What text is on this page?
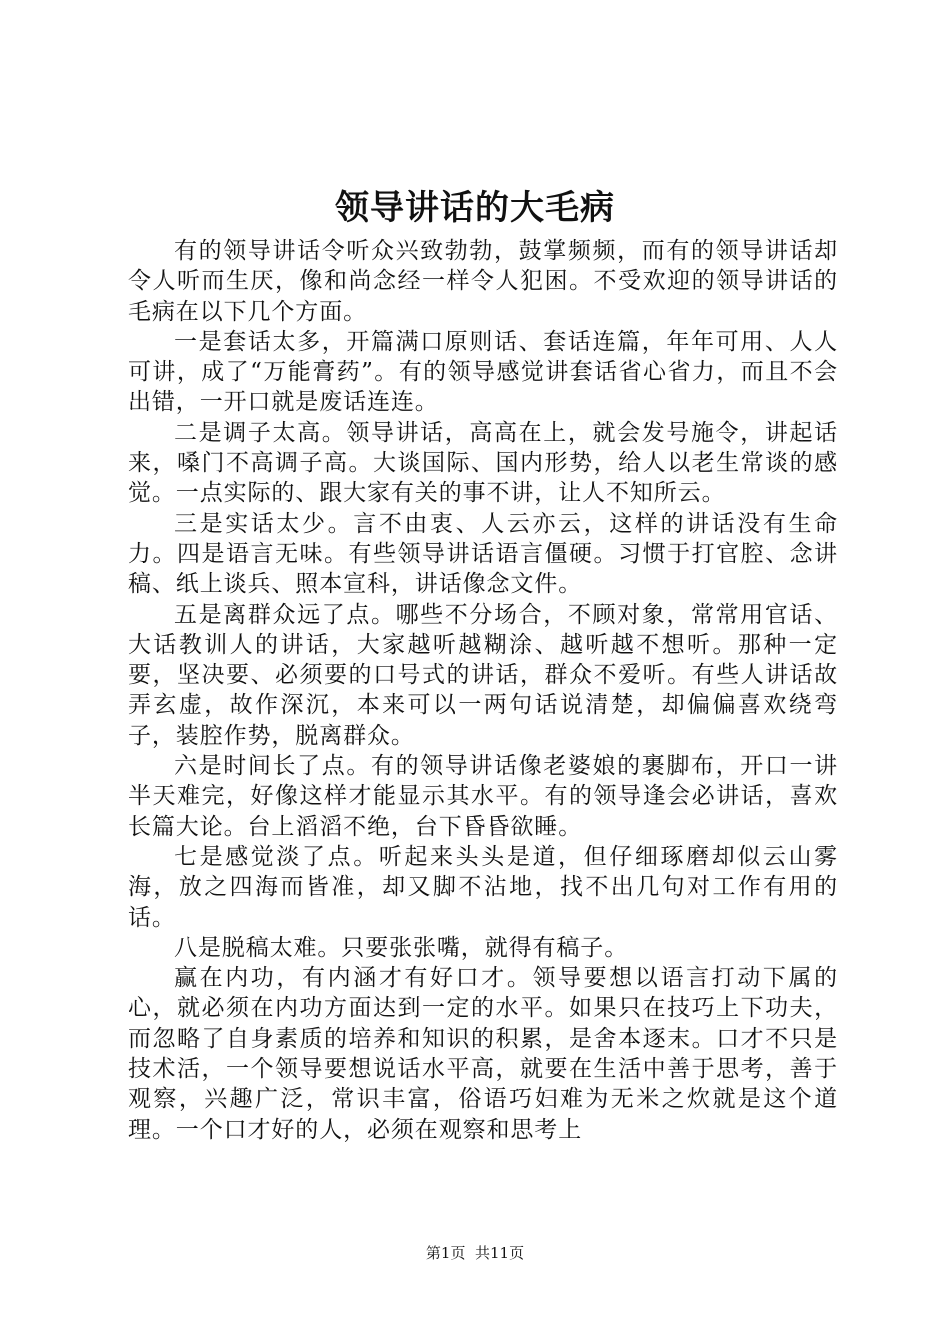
领导讲话的大毛病

有的领导讲话令听众兴致勃勃，鼓掌频频，而有的领导讲话却令人听而生厌，像和尚念经一样令人犯困。不受欢迎的领导讲话的毛病在以下几个方面。

一是套话太多，开篇满口原则话、套话连篇，年年可用、人人可讲，成了“万能膏药”。有的领导感觉讲套话省心省力，而且不会出错，一开口就是废话连连。

二是调子太高。领导讲话，高高在上，就会发号施令，讲起话来，嗓门不高调子高。大谈国际、国内形势，给人以老生常谈的感觉。一点实际的、跟大家有关的事不讲，让人不知所云。

三是实话太少。言不由衷、人云亦云，这样的讲话没有生命力。四是语言无味。有些领导讲话语言僵硬。习惯于打官腔、念讲稿、纸上谈兵、照本宣科，讲话像念文件。

五是离群众远了点。哪些不分场合，不顾对象，常常用官话、大话教训人的讲话，大家越听越糊涂、越听越不想听。那种一定要，坚决要、必须要的口号式的讲话，群众不爱听。有些人讲话故弄玄虚，故作深沉，本来可以一两句话说清楚，却偏偏喜欢绕弯子，装腔作势，脱离群众。

六是时间长了点。有的领导讲话像老婆娘的裹脚布，开口一讲半天难完，好像这样才能显示其水平。有的领导逢会必讲话，喜欢长篇大论。台上滔滔不绝，台下昏昏欲睡。

七是感觉淡了点。听起来头头是道，但仔细琢磨却似云山雾海，放之四海而皆准，却又脚不沾地，找不出几句对工作有用的话。

八是脱稿太难。只要张张嘴，就得有稿子。

赢在内功，有内涵才有好口才。领导要想以语言打动下属的心，就必须在内功方面达到一定的水平。如果只在技巧上下功夫，而忽略了自身素质的培养和知识的积累，是舍本逐末。口才不只是技术活，一个领导要想说话水平高，就要在生活中善于思考，善于观察，兴趣广泛，常识丰富，俗语巧妇难为无米之炊就是这个道理。一个口才好的人，必须在观察和思考上

第1页 共11页
